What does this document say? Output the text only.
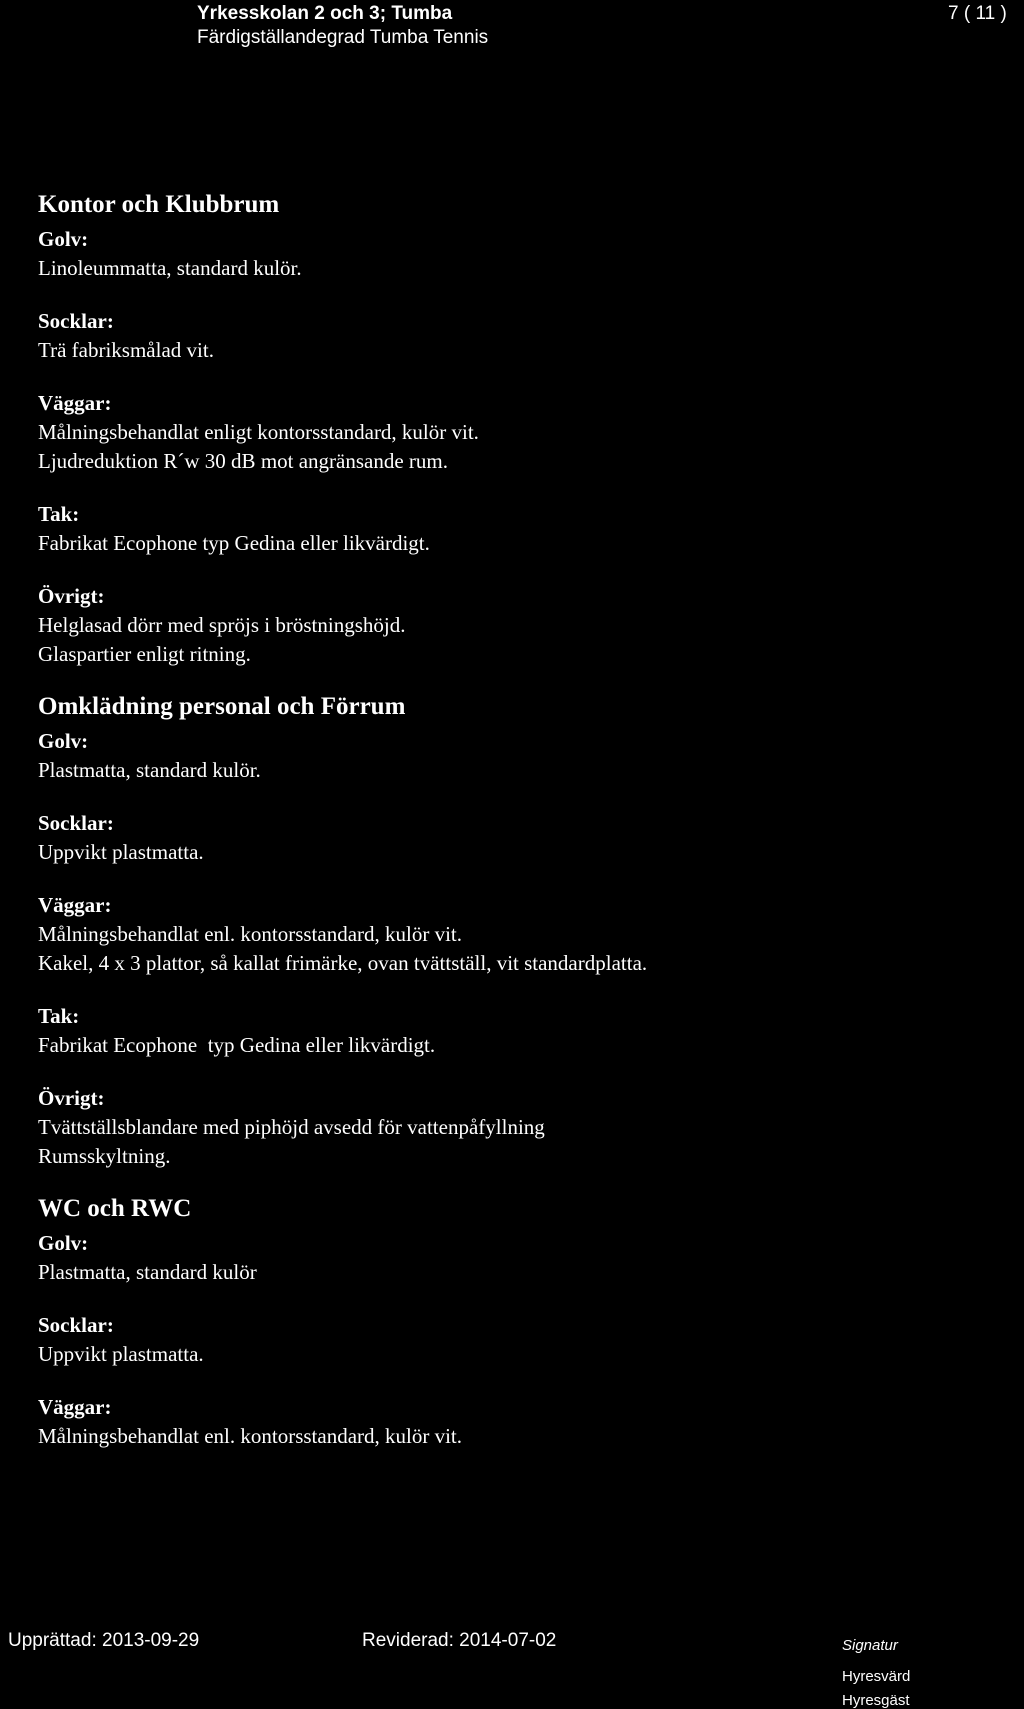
Yrkesskolan 2 och 3; Tumba
Färdigställandegrad Tumba Tennis
7 ( 11 )
Kontor och Klubbrum
Golv:
Linoleummatta, standard kulör.
Socklar:
Trä fabriksmålad vit.
Väggar:
Målningsbehandlat enligt kontorsstandard, kulör vit.
Ljudreduktion R´w 30 dB mot angränsande rum.
Tak:
Fabrikat Ecophone typ Gedina eller likvärdigt.
Övrigt:
Helglasad dörr med spröjs i bröstningshöjd.
Glaspartier enligt ritning.
Omklädning personal och Förrum
Golv:
Plastmatta, standard kulör.
Socklar:
Uppvikt plastmatta.
Väggar:
Målningsbehandlat enl. kontorsstandard, kulör vit.
Kakel, 4 x 3 plattor, så kallat frimärke, ovan tvättställ, vit standardplatta.
Tak:
Fabrikat Ecophone  typ Gedina eller likvärdigt.
Övrigt:
Tvättställsblandare med piphöjd avsedd för vattenpåfyllning
Rumsskyltning.
WC och RWC
Golv:
Plastmatta, standard kulör
Socklar:
Uppvikt plastmatta.
Väggar:
Målningsbehandlat enl. kontorsstandard, kulör vit.
Upprättad: 2013-09-29	Reviderad: 2014-07-02	Signatur
Hyresvärd
Hyresgäst
